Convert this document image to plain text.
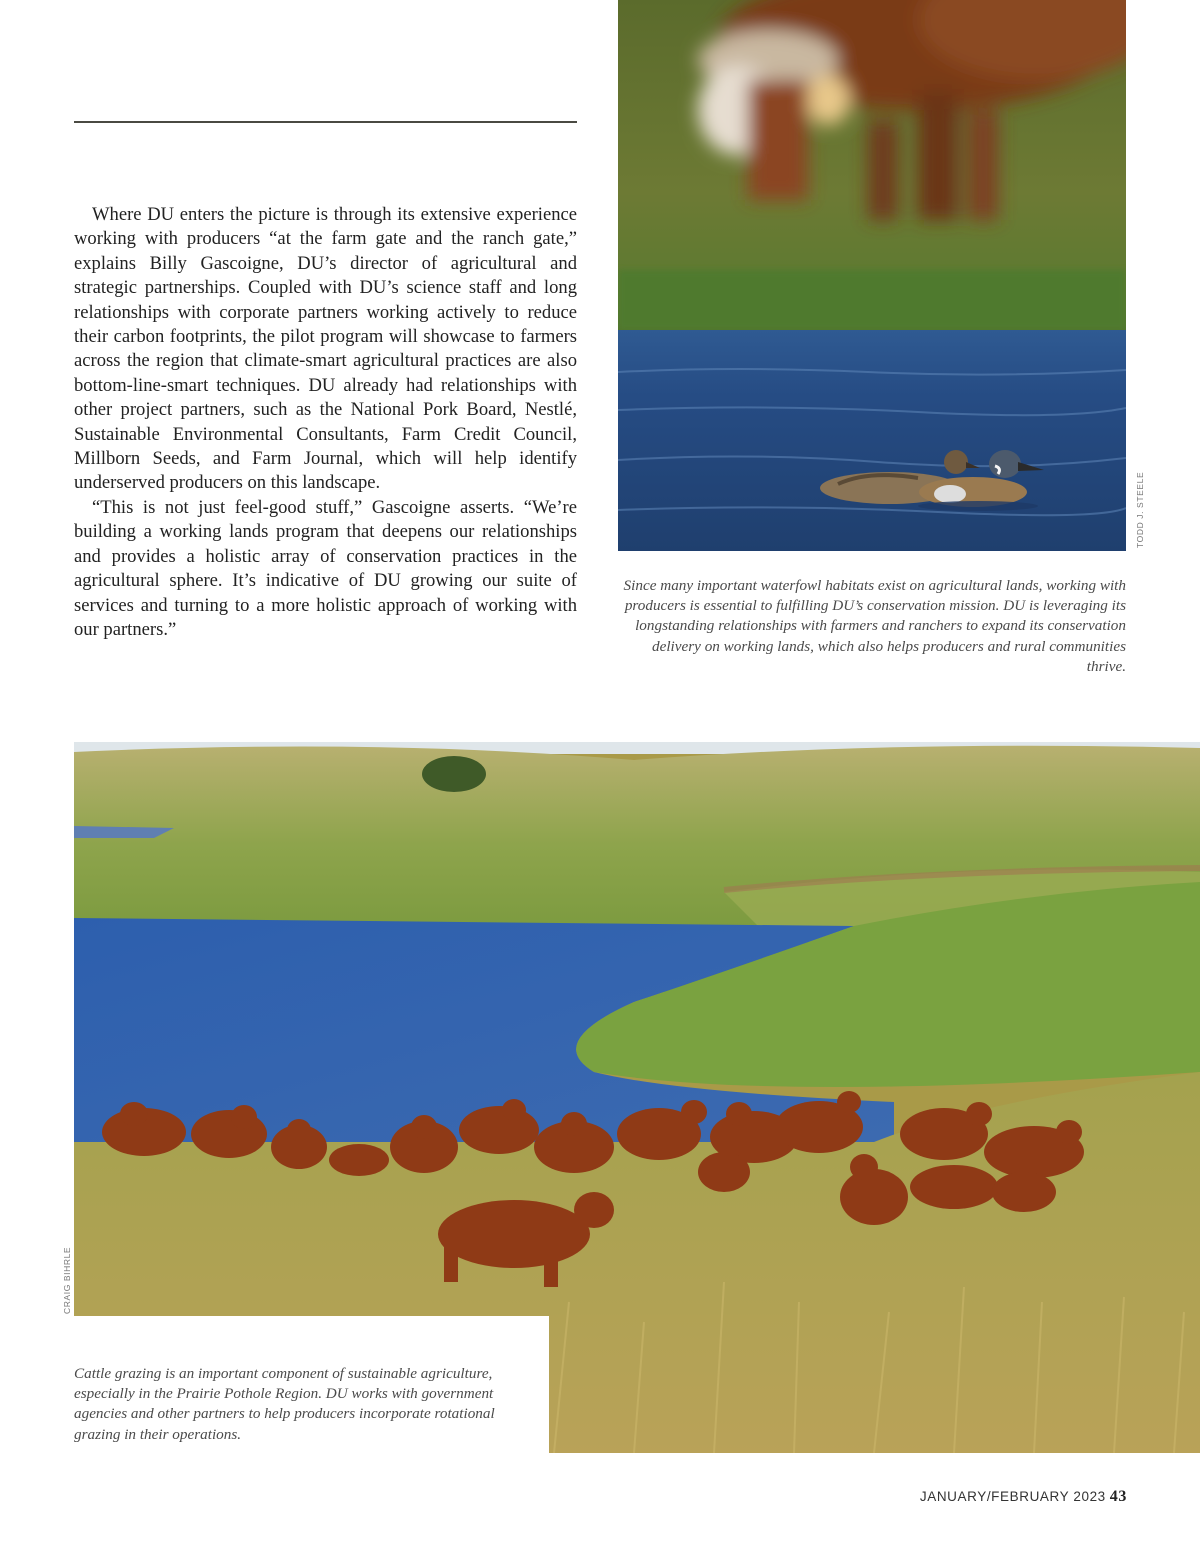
Where DU enters the picture is through its extensive experience working with producers “at the farm gate and the ranch gate,” explains Billy Gascoigne, DU’s director of agricultural and strategic partnerships. Coupled with DU’s science staff and long relationships with corporate partners working actively to reduce their carbon footprints, the pilot program will showcase to farmers across the region that climate-smart agricultural practices are also bottom-line-smart techniques. DU already had relationships with other project partners, such as the National Pork Board, Nestlé, Sustainable Environmental Consultants, Farm Credit Council, Millborn Seeds, and Farm Journal, which will help identify underserved producers on this landscape.

“This is not just feel-good stuff,” Gascoigne asserts. “We’re building a working lands program that deepens our relationships and provides a holistic array of conservation practices in the agricultural sphere. It’s indicative of DU growing our suite of services and turning to a more holistic approach of working with our partners.”

TODD J. STEELE
Since many important waterfowl habitats exist on agricultural lands, working with producers is essential to fulfilling DU’s conservation mission. DU is leveraging its longstanding relationships with farmers and ranchers to expand its conservation delivery on working lands, which also helps producers and rural communities thrive.
CRAIG BIHRLE
Cattle grazing is an important component of sustainable agriculture, especially in the Prairie Pothole Region. DU works with government agencies and other partners to help producers incorporate rotational grazing in their operations.
JANUARY/FEBRUARY 2023 43
